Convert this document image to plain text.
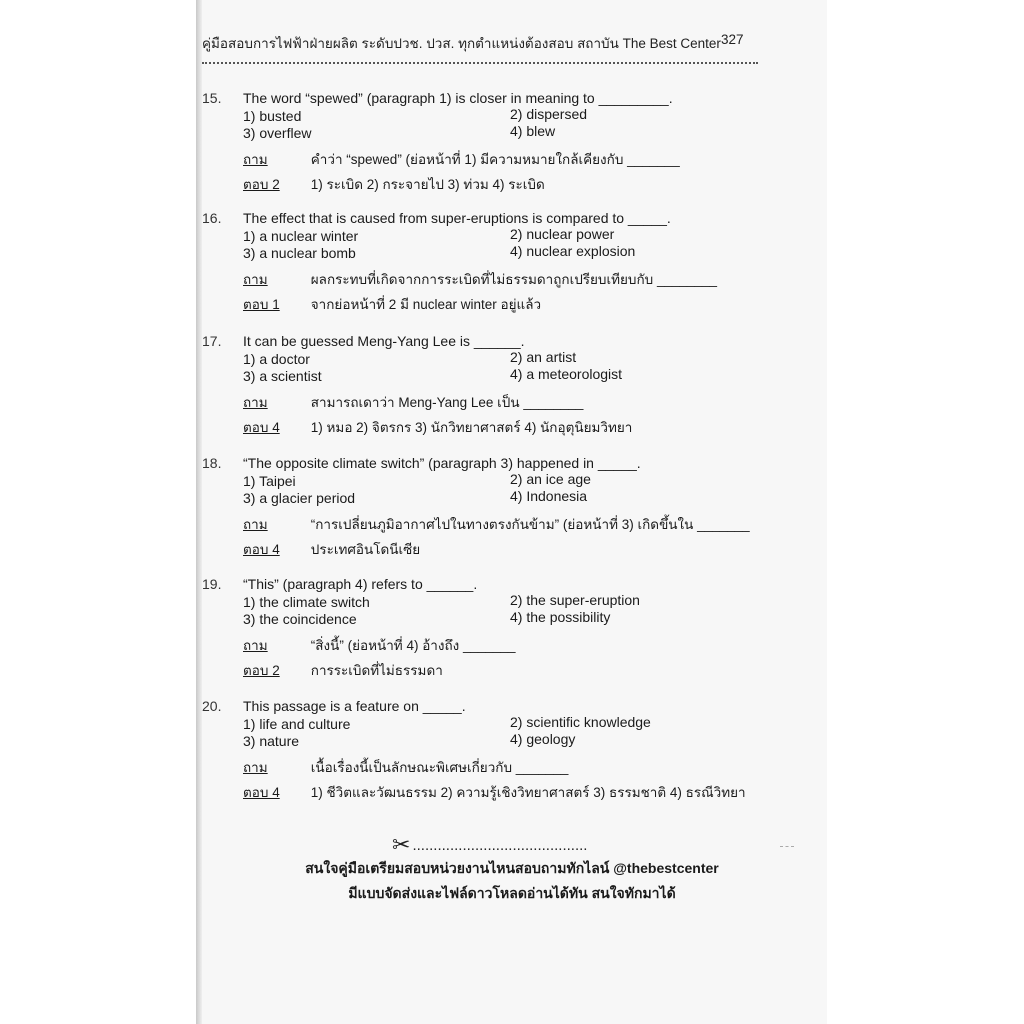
คู่มือสอบการไฟฟ้าฝ่ายผลิต ระดับปวช. ปวส. ทุกตำแหน่งต้องสอบ สถาบัน The Best Center 327
15. The word “spewed” (paragraph 1) is closer in meaning to _________.
1) busted	2) dispersed
3) overflew	4) blew
ถาม	คำว่า “spewed” (ย่อหน้าที่ 1) มีความหมายใกล้เคียงกับ _______
ตอบ 2 1) ระเบิด 2) กระจายไป 3) ท่วม 4) ระเบิด
16. The effect that is caused from super-eruptions is compared to _____.
1) a nuclear winter	2) nuclear power
3) a nuclear bomb	4) nuclear explosion
ถาม	ผลกระทบที่เกิดจากการระเบิดที่ไม่ธรรมดาถูกเปรียบเทียบกับ ________
ตอบ 1 จากย่อหน้าที่ 2 มี nuclear winter อยู่แล้ว
17. It can be guessed Meng-Yang Lee is ______.
1) a doctor	2) an artist
3) a scientist	4) a meteorologist
ถาม	สามารถเดาว่า Meng-Yang Lee เป็น ________
ตอบ 4 1) หมอ 2) จิตรกร 3) นักวิทยาศาสตร์ 4) นักอุตุนิยมวิทยา
18. “The opposite climate switch” (paragraph 3) happened in _____.
1) Taipei	2) an ice age
3) a glacier period	4) Indonesia
ถาม	“การเปลี่ยนภูมิอากาศไปในทางตรงกันข้าม” (ย่อหน้าที่ 3) เกิดขึ้นใน _______
ตอบ 4 ประเทศอินโดนีเซีย
19. “This” (paragraph 4) refers to ______.
1) the climate switch	2) the super-eruption
3) the coincidence	4) the possibility
ถาม	“สิ่งนี้” (ย่อหน้าที่ 4) อ้างถึง _______
ตอบ 2 การระเบิดที่ไม่ธรรมดา
20. This passage is a feature on _____.
1) life and culture	2) scientific knowledge
3) nature	4) geology
ถาม	เนื้อเรื่องนี้เป็นลักษณะพิเศษเกี่ยวกับ _______
ตอบ 4 1) ชีวิตและวัฒนธรรม 2) ความรู้เชิงวิทยาศาสตร์ 3) ธรรมชาติ 4) ธรณีวิทยา
✂ ..........................................
สนใจคู่มือเตรียมสอบหน่วยงานไหนสอบถามทักไลน์ @thebestcenter
มีแบบจัดส่งและไฟล์ดาวโหลดอ่านได้ทัน สนใจทักมาได้
